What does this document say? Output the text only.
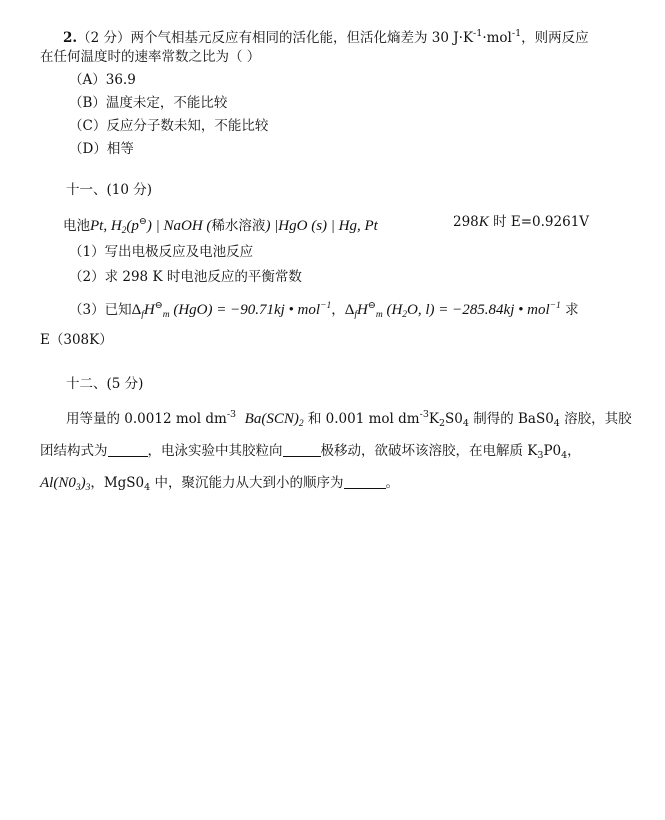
2.（2 分）两个气相基元反应有相同的活化能，但活化熵差为 30 $J\cdot K^{-1}\cdot mol^{-1}$，则两反应
在任何温度时的速率常数之比为（ ）
（A）36.9
（B）温度未定，不能比较
（C）反应分子数未知，不能比较
（D）相等
十一、(10 分)
电池Pt, $H_2(p^⊖)$ | NaOH (稀水溶液) |HgO (s) | Hg, Pt	298K 时 E=0.9261V
（1）写出电极反应及电池反应
（2）求 298 K 时电池反应的平衡常数
（3）已知$\Delta_fH^⊖_m$ (HgO) = −90.71kj • mol$^{-1}$，$\Delta_fH^⊖_m$ ($H_2O$, l) = −285.84kj • mol$^{-1}$ 求
E（308K）
十二、(5 分)
用等量的 0.0012 mol $dm^{-3}$ $Ba(SCN)_2$ 和 0.001 mol $dm^{-3}K_2S0_4$ 制得的 $BaS0_4$ 溶胶，其胶
团结构式为	，电泳实验中其胶粒向	极移动，欲破坏该溶胶，在电解质 $K_3P0_4$，
$Al(N0_3)_3$，$MgS0_4$ 中，聚沉能力从大到小的顺序为	。
